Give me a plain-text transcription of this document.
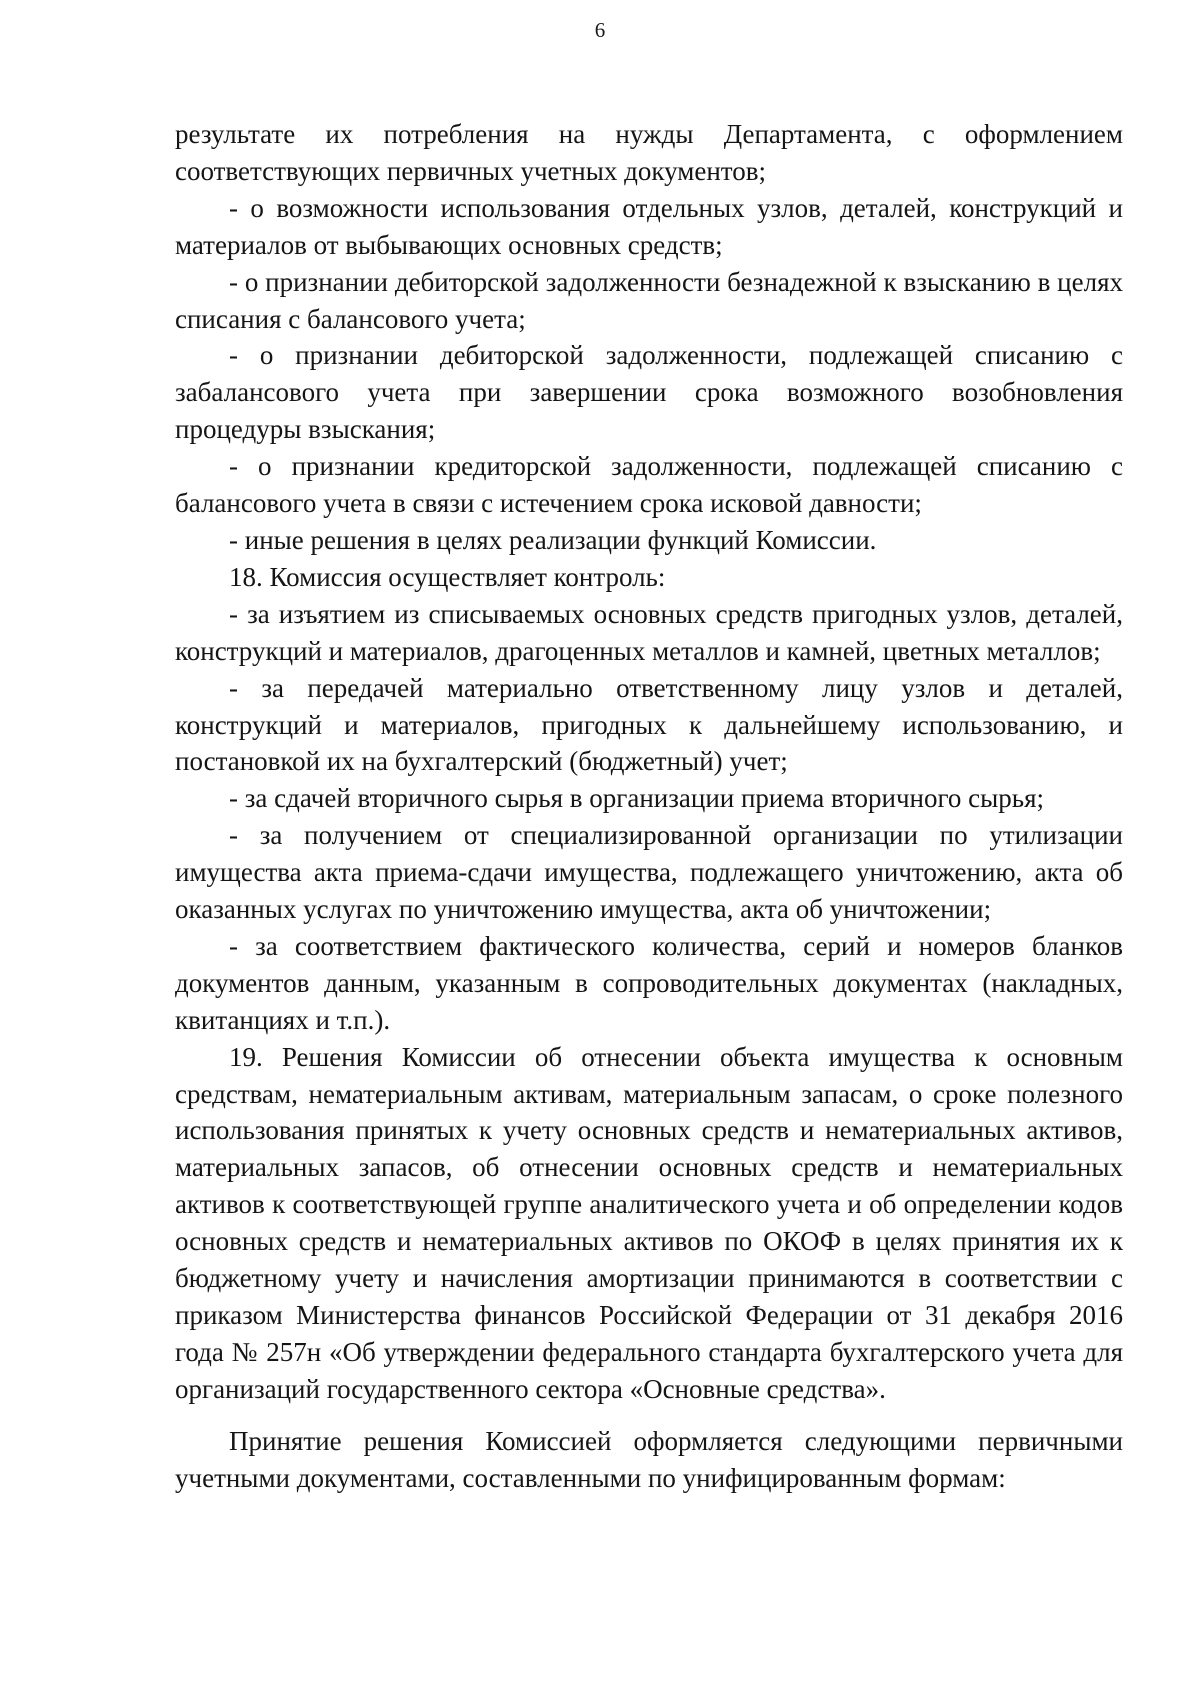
6

результате их потребления на нужды Департамента, с оформлением соответствующих первичных учетных документов;

- о возможности использования отдельных узлов, деталей, конструкций и материалов от выбывающих основных средств;

- о признании дебиторской задолженности безнадежной к взысканию в целях списания с балансового учета;

- о признании дебиторской задолженности, подлежащей списанию с забалансового учета при завершении срока возможного возобновления процедуры взыскания;

- о признании кредиторской задолженности, подлежащей списанию с балансового учета в связи с истечением срока исковой давности;

- иные решения в целях реализации функций Комиссии.

18. Комиссия осуществляет контроль:

- за изъятием из списываемых основных средств пригодных узлов, деталей, конструкций и материалов, драгоценных металлов и камней, цветных металлов;

- за передачей материально ответственному лицу узлов и деталей, конструкций и материалов, пригодных к дальнейшему использованию, и постановкой их на бухгалтерский (бюджетный) учет;

- за сдачей вторичного сырья в организации приема вторичного сырья;

- за получением от специализированной организации по утилизации имущества акта приема-сдачи имущества, подлежащего уничтожению, акта об оказанных услугах по уничтожению имущества, акта об уничтожении;

- за соответствием фактического количества, серий и номеров бланков документов данным, указанным в сопроводительных документах (накладных, квитанциях и т.п.).

19. Решения Комиссии об отнесении объекта имущества к основным средствам, нематериальным активам, материальным запасам, о сроке полезного использования принятых к учету основных средств и нематериальных активов, материальных запасов, об отнесении основных средств и нематериальных активов к соответствующей группе аналитического учета и об определении кодов основных средств и нематериальных активов по ОКОФ в целях принятия их к бюджетному учету и начисления амортизации принимаются в соответствии с приказом Министерства финансов Российской Федерации от 31 декабря 2016 года № 257н «Об утверждении федерального стандарта бухгалтерского учета для организаций государственного сектора «Основные средства».

Принятие решения Комиссией оформляется следующими первичными учетными документами, составленными по унифицированным формам:
